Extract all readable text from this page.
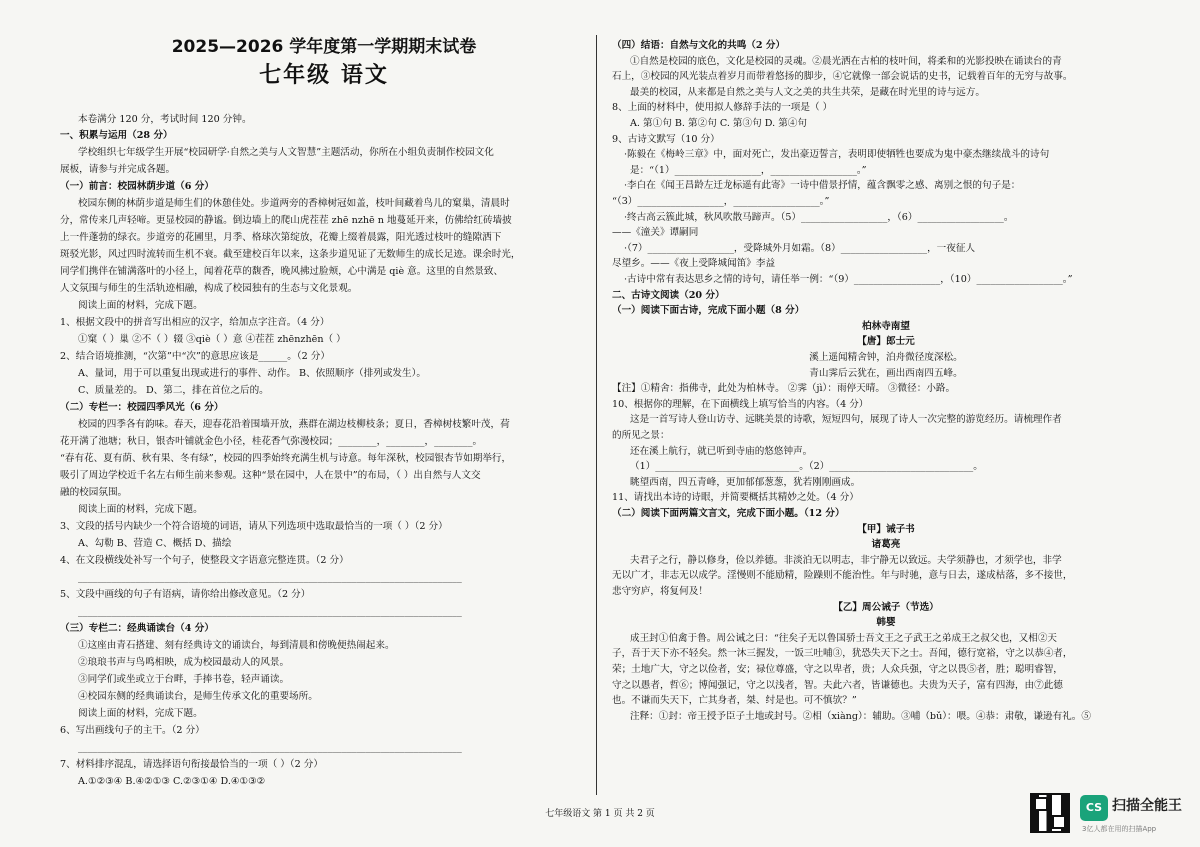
2025—2026 学年度第一学期期末试卷
七年级 语文
本卷满分 120 分，考试时间 120 分钟。
一、积累与运用（28 分）
学校组织七年级学生开展“校园研学·自然之美与人文智慧”主题活动，你所在小组负责制作校园文化
展板，请参与并完成各题。
（一）前言：校园林荫步道（6 分）
校园东侧的林荫步道是师生们的休憩佳处。步道两旁的香樟树冠如盖，枝叶间藏着鸟儿的窠巢，清晨时
分，常传来几声轻啼。更显校园的静谧。倒边墙上的爬山虎茬茬 zhē nzhē n 地蔓延开来，仿佛给红砖墙披
上一件蓬勃的绿衣。步道旁的花圃里，月季、格球次第绽放，花瓣上缀着晨露，阳光透过枝叶的缝隙洒下
斑驳光影，风过四时流转而生机不衰。截至建校百年以来，这条步道见证了无数师生的成长足迹。课余时光，
同学们携伴在铺满落叶的小径上，闻着花草的馥香，晚风拂过脸颊，心中满是 qiè 意。这里的自然景致、
人文氛围与师生的生活轨迹相融，构成了校园独有的生态与文化景观。
阅读上面的材料，完成下题。
1、根据文段中的拼音写出相应的汉字，给加点字注音。（4 分）
①窠（ ）巢 ②不（ ）辍 ③qiè（ ）意 ④茬茬 zhēnzhēn（ ）
2、结合语境推测，“次第”中“次”的意思应该是______。（2 分）
A、量词，用于可以重复出现或进行的事件、动作。 B、依照顺序（排列或发生）。
C、质量差的。 D、第二，排在首位之后的。
（二）专栏一：校园四季风光（6 分）
校园的四季各有韵味。春天，迎春花沿着围墙开放，燕群在湖边枝柳枝条；夏日，香樟树枝繁叶茂，荷
花开满了池塘；秋日，银杏叶铺就金色小径，桂花香气弥漫校园；________，________，________。
“春有花、夏有荫、秋有果、冬有绿”，校园的四季始终充满生机与诗意。每年深秋，校园银杏节如期举行，
吸引了周边学校近千名左右师生前来参观。这种“景在园中，人在景中”的布局，（ ）出自然与人文交
融的校园氛围。
阅读上面的材料，完成下题。
3、文段的括号内缺少一个符合语境的词语，请从下列选项中选取最恰当的一项（ ）（2 分）
A、勾勒 B、营造 C、概括 D、描绘
4、在文段横线处补写一个句子，使整段文字语意完整连贯。（2 分）
________________________________________________________________________________
5、文段中画线的句子有语病，请你给出修改意见。（2 分）
________________________________________________________________________________
（三）专栏二：经典诵读台（4 分）
①这座由青石搭建、刻有经典诗文的诵读台，每到清晨和傍晚便热闹起来。
②琅琅书声与鸟鸣相映，成为校园最动人的风景。
③同学们或坐或立于台畔，手捧书卷，轻声诵读。
④校园东侧的经典诵读台，是师生传承文化的重要场所。
阅读上面的材料，完成下题。
6、写出画线句子的主干。（2 分）
________________________________________________________________________________
7、材料排序混乱，请选择语句衔接最恰当的一项（ ）（2 分）
A.①②③④ B.④②①③ C.②③①④ D.④①③②
（四）结语：自然与文化的共鸣（2 分）
①自然是校园的底色，文化是校园的灵魂。②晨光洒在古柏的枝叶间，将柔和的光影投映在诵读台的青
石上，③校园的风光装点着岁月而带着悠扬的脚步，④它就像一部会说话的史书，记载着百年的无穷与故事。
最美的校园，从来都是自然之美与人文之美的共生共荣，是藏在时光里的诗与远方。
8、上面的材料中，使用拟人修辞手法的一项是（ ）
A. 第①句 B. 第②句 C. 第③句 D. 第④句
9、古诗文默写（10 分）
·陈毅在《梅岭三章》中，面对死亡，发出豪迈誓言，表明即使牺牲也要成为鬼中豪杰继续战斗的诗句
是：“（1）__________________，__________________。”
·李白在《闻王昌龄左迁龙标遥有此寄》一诗中借景抒情，蕴含飘零之感、离别之恨的句子是：
“（3）__________________，__________________。”
·终古高云簇此城，秋风吹散马蹄声。（5）__________________，（6）__________________。
——《潼关》谭嗣同
·（7）__________________，受降城外月如霜。（8）__________________，一夜征人
尽望乡。——《夜上受降城闻笛》李益
·古诗中常有表达思乡之情的诗句，请任举一例：“（9）__________________，（10）__________________。”
二、古诗文阅读（20 分）
（一）阅读下面古诗，完成下面小题（8 分）
柏林寺南望
【唐】郎士元
溪上遥闻精舍钟，泊舟微径度深松。
青山霁后云犹在，画出西南四五峰。
【注】①精舍：指佛寺，此处为柏林寺。 ②霁（jì）：雨停天晴。 ③微径：小路。
10、根据你的理解，在下面横线上填写恰当的内容。（4 分）
这是一首写诗人登山访寺、远眺美景的诗歌，短短四句，展现了诗人一次完整的游览经历。请梳理作者
的所见之景：
还在溪上航行，就已听到寺庙的悠悠钟声。
（1）______________________________。（2）______________________________。
眺望西南，四五青峰，更加郁郁葱葱，犹若刚刚画成。
11、请找出本诗的诗眼，并简要概括其精妙之处。（4 分）
（二）阅读下面两篇文言文，完成下面小题。（12 分）
【甲】诫子书
诸葛亮
夫君子之行，静以修身，俭以养德。非淡泊无以明志，非宁静无以致远。夫学须静也，才须学也，非学
无以广才，非志无以成学。淫慢则不能励精，险躁则不能治性。年与时驰，意与日去，遂成枯落，多不接世，
悲守穷庐，将复何及！
【乙】周公诫子（节选）
韩婴
成王封①伯禽于鲁。周公诫之曰：“往矣子无以鲁国骄士吾文王之子武王之弟成王之叔父也，又相②天
子，吾于天下亦不轻矣。然一沐三握发，一饭三吐哺③，犹恐失天下之士。吾闻，德行宽裕，守之以恭④者，
荣；土地广大，守之以俭者，安；禄位尊盛，守之以卑者，贵；人众兵强，守之以畏⑤者，胜；聪明睿智，
守之以愚者，哲⑥；博闻强记，守之以浅者，智。夫此六者，皆谦德也。夫贵为天子，富有四海，由⑦此德
也。不谦而失天下，亡其身者，桀、纣是也。可不慎欤？”
注释：①封：帝王授予臣子土地或封号。②相（xiàng）：辅助。③哺（bǔ）：喂。④恭：肃敬，谦逊有礼。⑤
七年级语文 第 1 页 共 2 页	CS 扫描全能王
3亿人都在用的扫描App
